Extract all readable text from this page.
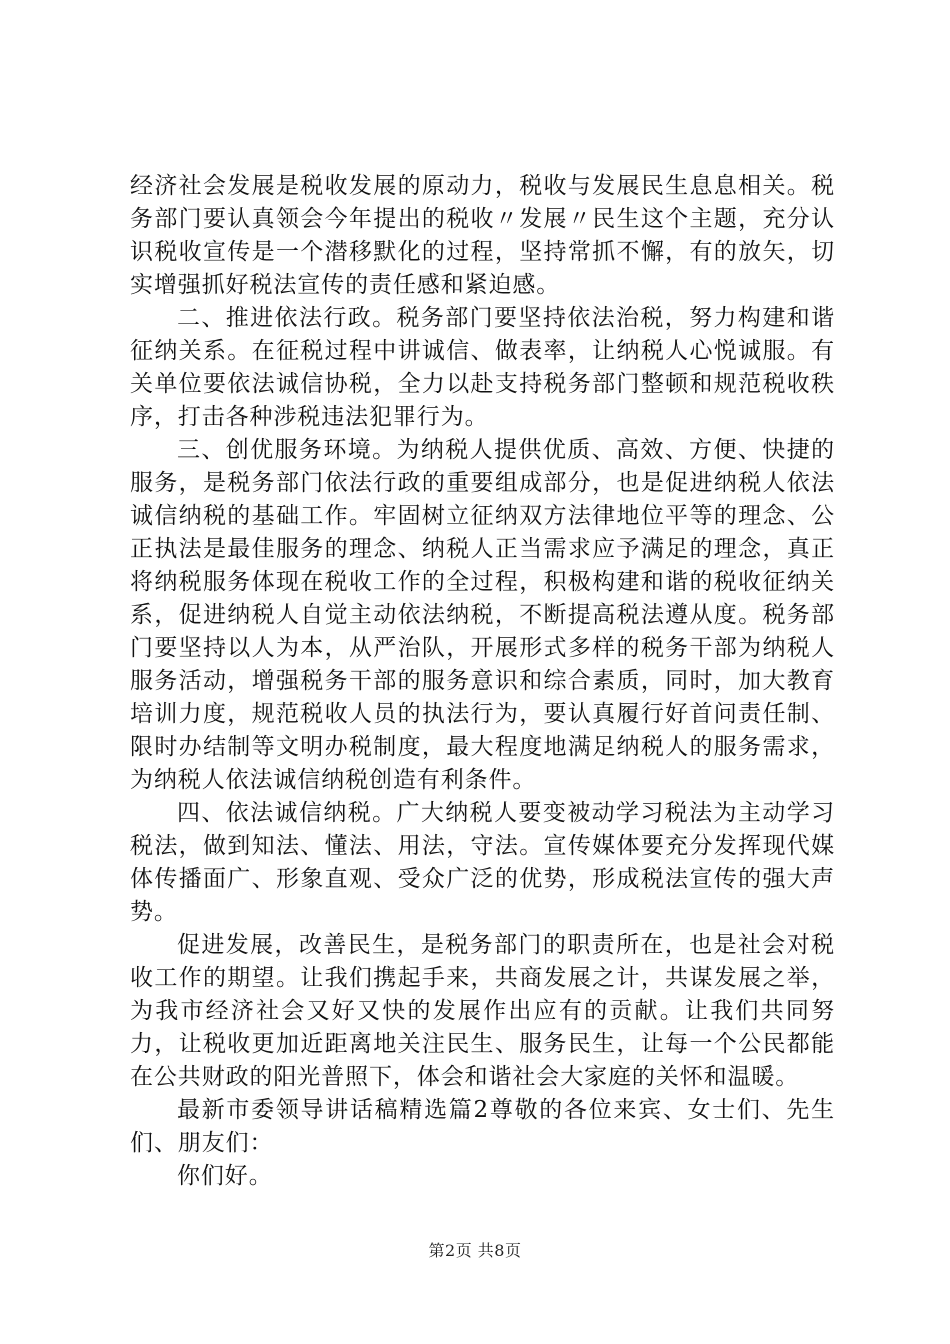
经济社会发展是税收发展的原动力，税收与发展民生息息相关。税务部门要认真领会今年提出的税收〃发展〃民生这个主题，充分认识税收宣传是一个潜移默化的过程，坚持常抓不懈，有的放矢，切实增强抓好税法宣传的责任感和紧迫感。

二、推进依法行政。税务部门要坚持依法治税，努力构建和谐征纳关系。在征税过程中讲诚信、做表率，让纳税人心悦诚服。有关单位要依法诚信协税，全力以赴支持税务部门整顿和规范税收秩序，打击各种涉税违法犯罪行为。

三、创优服务环境。为纳税人提供优质、高效、方便、快捷的服务，是税务部门依法行政的重要组成部分，也是促进纳税人依法诚信纳税的基础工作。牢固树立征纳双方法律地位平等的理念、公正执法是最佳服务的理念、纳税人正当需求应予满足的理念，真正将纳税服务体现在税收工作的全过程，积极构建和谐的税收征纳关系，促进纳税人自觉主动依法纳税，不断提高税法遵从度。税务部门要坚持以人为本，从严治队，开展形式多样的税务干部为纳税人服务活动，增强税务干部的服务意识和综合素质，同时，加大教育培训力度，规范税收人员的执法行为，要认真履行好首问责任制、限时办结制等文明办税制度，最大程度地满足纳税人的服务需求，为纳税人依法诚信纳税创造有利条件。

四、依法诚信纳税。广大纳税人要变被动学习税法为主动学习税法，做到知法、懂法、用法，守法。宣传媒体要充分发挥现代媒体传播面广、形象直观、受众广泛的优势，形成税法宣传的强大声势。

促进发展，改善民生，是税务部门的职责所在，也是社会对税收工作的期望。让我们携起手来，共商发展之计，共谋发展之举，为我市经济社会又好又快的发展作出应有的贡献。让我们共同努力，让税收更加近距离地关注民生、服务民生，让每一个公民都能在公共财政的阳光普照下，体会和谐社会大家庭的关怀和温暖。

最新市委领导讲话稿精选篇2尊敬的各位来宾、女士们、先生们、朋友们：

你们好。

第2页 共8页
